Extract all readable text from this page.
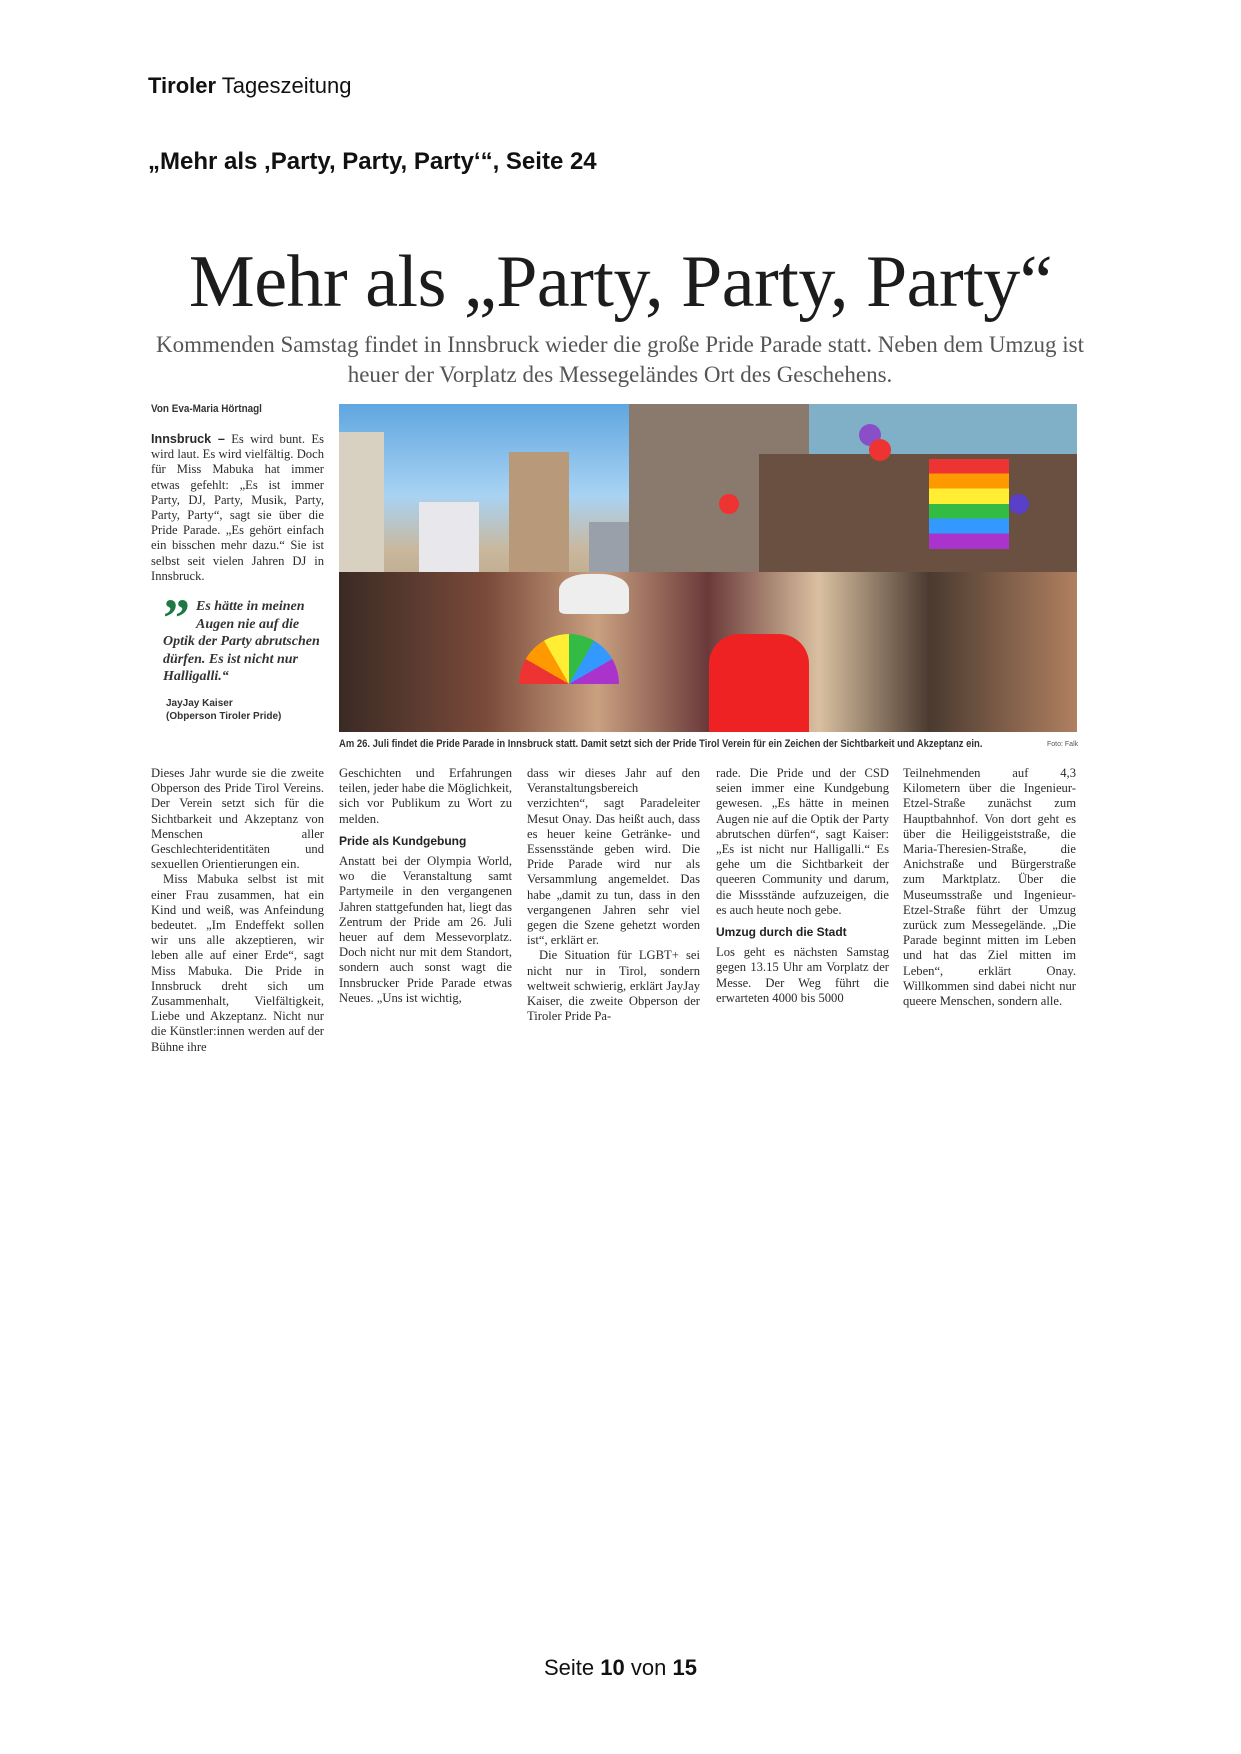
Tiroler Tageszeitung
„Mehr als ‚Party, Party, Party‘“, Seite 24
Mehr als „Party, Party, Party“
Kommenden Samstag findet in Innsbruck wieder die große Pride Parade statt. Neben dem Umzug ist heuer der Vorplatz des Messegeländes Ort des Geschehens.
Von Eva-Maria Hörtnagl
Innsbruck – Es wird bunt. Es wird laut. Es wird vielfältig. Doch für Miss Mabuka hat immer etwas gefehlt: „Es ist immer Party, DJ, Party, Musik, Party, Party, Party“, sagt sie über die Pride Parade. „Es gehört einfach ein bisschen mehr dazu.“ Sie ist selbst seit vielen Jahren DJ in Innsbruck.
” Es hätte in meinen Augen nie auf die Optik der Party abrutschen dürfen. Es ist nicht nur Halligalli.“
JayJay Kaiser
(Obperson Tiroler Pride)
Am 26. Juli findet die Pride Parade in Innsbruck statt. Damit setzt sich der Pride Tirol Verein für ein Zeichen der Sichtbarkeit und Akzeptanz ein.	Foto: Falk

Dieses Jahr wurde sie die zweite Obperson des Pride Tirol Vereins. Der Verein setzt sich für die Sichtbarkeit und Akzeptanz von Menschen aller Geschlechteridentitäten und sexuellen Orientierungen ein.

Miss Mabuka selbst ist mit einer Frau zusammen, hat ein Kind und weiß, was Anfeindung bedeutet. „Im Endeffekt sollen wir uns alle akzeptieren, wir leben alle auf einer Erde“, sagt Miss Mabuka. Die Pride in Innsbruck dreht sich um Zusammenhalt, Vielfältigkeit, Liebe und Akzeptanz. Nicht nur die Künstler:innen werden auf der Bühne ihre

Geschichten und Erfahrungen teilen, jeder habe die Möglichkeit, sich vor Publikum zu Wort zu melden.

Pride als Kundgebung

Anstatt bei der Olympia World, wo die Veranstaltung samt Partymeile in den vergangenen Jahren stattgefunden hat, liegt das Zentrum der Pride am 26. Juli heuer auf dem Messevorplatz. Doch nicht nur mit dem Standort, sondern auch sonst wagt die Innsbrucker Pride Parade etwas Neues. „Uns ist wichtig,

dass wir dieses Jahr auf den Veranstaltungsbereich verzichten“, sagt Paradeleiter Mesut Onay. Das heißt auch, dass es heuer keine Getränke- und Essensstände geben wird. Die Pride Parade wird nur als Versammlung angemeldet. Das habe „damit zu tun, dass in den vergangenen Jahren sehr viel gegen die Szene gehetzt worden ist“, erklärt er.

Die Situation für LGBT+ sei nicht nur in Tirol, sondern weltweit schwierig, erklärt JayJay Kaiser, die zweite Obperson der Tiroler Pride Pa-

rade. Die Pride und der CSD seien immer eine Kundgebung gewesen. „Es hätte in meinen Augen nie auf die Optik der Party abrutschen dürfen“, sagt Kaiser: „Es ist nicht nur Halligalli.“ Es gehe um die Sichtbarkeit der queeren Community und darum, die Missstände aufzuzeigen, die es auch heute noch gebe.

Umzug durch die Stadt

Los geht es nächsten Samstag gegen 13.15 Uhr am Vorplatz der Messe. Der Weg führt die erwarteten 4000 bis 5000

Teilnehmenden auf 4,3 Kilometern über die Ingenieur-Etzel-Straße zunächst zum Hauptbahnhof. Von dort geht es über die Heiliggeiststraße, die Maria-Theresien-Straße, die Anichstraße und Bürgerstraße zum Marktplatz. Über die Museumsstraße und Ingenieur-Etzel-Straße führt der Umzug zurück zum Messegelände. „Die Parade beginnt mitten im Leben und hat das Ziel mitten im Leben“, erklärt Onay. Willkommen sind dabei nicht nur queere Menschen, sondern alle.

Seite 10 von 15
